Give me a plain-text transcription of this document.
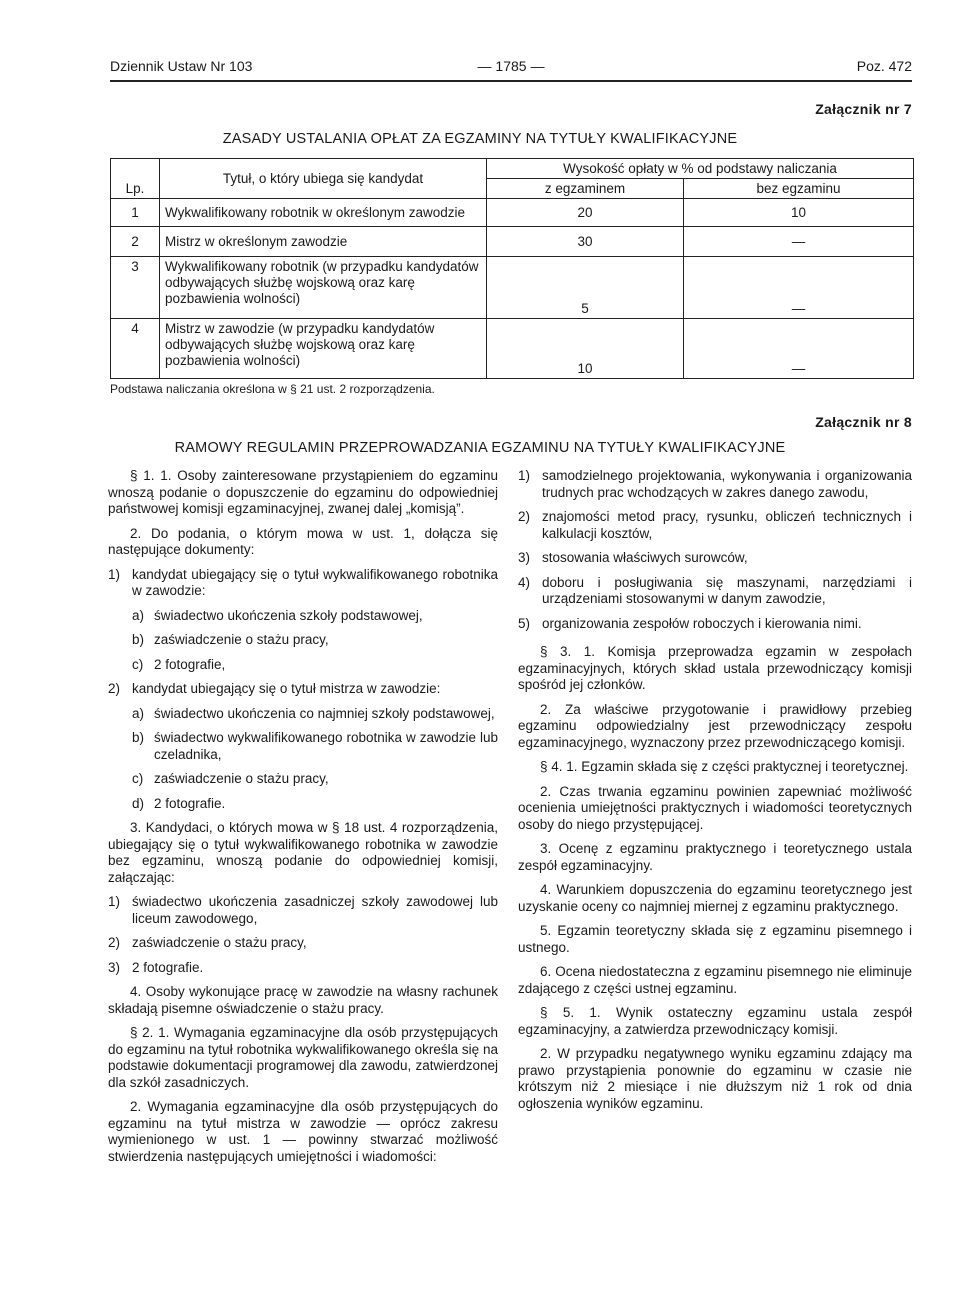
Dziennik Ustaw Nr 103	— 1785 —	Poz. 472
Załącznik nr 7
ZASADY USTALANIA OPŁAT ZA EGZAMINY NA TYTUŁY KWALIFIKACYJNE
Lp.	Tytuł, o który ubiega się kandydat	Wysokość opłaty w % od podstawy naliczania	
		z egzaminem	bez egzaminu
1	Wykwalifikowany robotnik w określonym zawodzie	20	10
2	Mistrz w określonym zawodzie	30	—
3	Wykwalifikowany robotnik (w przypadku kandydatów odbywających służbę wojskową oraz karę pozbawienia wolności)	5	—
4	Mistrz w zawodzie (w przypadku kandydatów odbywających służbę wojskową oraz karę pozbawienia wolności)	10	—
Podstawa naliczania określona w § 21 ust. 2 rozporządzenia.
Załącznik nr 8
RAMOWY REGULAMIN PRZEPROWADZANIA EGZAMINU NA TYTUŁY KWALIFIKACYJNE

§ 1. 1. Osoby zainteresowane przystąpieniem do egzaminu wnoszą podanie o dopuszczenie do egzaminu do odpowiedniej państwowej komisji egzaminacyjnej, zwanej dalej „komisją”.

2. Do podania, o którym mowa w ust. 1, dołącza się następujące dokumenty:

1) kandydat ubiegający się o tytuł wykwalifikowanego robotnika w zawodzie:
a) świadectwo ukończenia szkoły podstawowej,
b) zaświadczenie o stażu pracy,
c) 2 fotografie,
2) kandydat ubiegający się o tytuł mistrza w zawodzie:
a) świadectwo ukończenia co najmniej szkoły podstawowej,
b) świadectwo wykwalifikowanego robotnika w zawodzie lub czeladnika,
c) zaświadczenie o stażu pracy,
d) 2 fotografie.

3. Kandydaci, o których mowa w § 18 ust. 4 rozporządzenia, ubiegający się o tytuł wykwalifikowanego robotnika w zawodzie bez egzaminu, wnoszą podanie do odpowiedniej komisji, załączając:

1) świadectwo ukończenia zasadniczej szkoły zawodowej lub liceum zawodowego,
2) zaświadczenie o stażu pracy,
3) 2 fotografie.

4. Osoby wykonujące pracę w zawodzie na własny rachunek składają pisemne oświadczenie o stażu pracy.

§ 2. 1. Wymagania egzaminacyjne dla osób przystępujących do egzaminu na tytuł robotnika wykwalifikowanego określa się na podstawie dokumentacji programowej dla zawodu, zatwierdzonej dla szkół zasadniczych.

2. Wymagania egzaminacyjne dla osób przystępujących do egzaminu na tytuł mistrza w zawodzie — oprócz zakresu wymienionego w ust. 1 — powinny stwarzać możliwość stwierdzenia następujących umiejętności i wiadomości:

1) samodzielnego projektowania, wykonywania i organizowania trudnych prac wchodzących w zakres danego zawodu,
2) znajomości metod pracy, rysunku, obliczeń technicznych i kalkulacji kosztów,
3) stosowania właściwych surowców,
4) doboru i posługiwania się maszynami, narzędziami i urządzeniami stosowanymi w danym zawodzie,
5) organizowania zespołów roboczych i kierowania nimi.

§ 3. 1. Komisja przeprowadza egzamin w zespołach egzaminacyjnych, których skład ustala przewodniczący komisji spośród jej członków.

2. Za właściwe przygotowanie i prawidłowy przebieg egzaminu odpowiedzialny jest przewodniczący zespołu egzaminacyjnego, wyznaczony przez przewodniczącego komisji.

§ 4. 1. Egzamin składa się z części praktycznej i teoretycznej.

2. Czas trwania egzaminu powinien zapewniać możliwość ocenienia umiejętności praktycznych i wiadomości teoretycznych osoby do niego przystępującej.

3. Ocenę z egzaminu praktycznego i teoretycznego ustala zespół egzaminacyjny.

4. Warunkiem dopuszczenia do egzaminu teoretycznego jest uzyskanie oceny co najmniej miernej z egzaminu praktycznego.

5. Egzamin teoretyczny składa się z egzaminu pisemnego i ustnego.

6. Ocena niedostateczna z egzaminu pisemnego nie eliminuje zdającego z części ustnej egzaminu.

§ 5. 1. Wynik ostateczny egzaminu ustala zespół egzaminacyjny, a zatwierdza przewodniczący komisji.

2. W przypadku negatywnego wyniku egzaminu zdający ma prawo przystąpienia ponownie do egzaminu w czasie nie krótszym niż 2 miesiące i nie dłuższym niż 1 rok od dnia ogłoszenia wyników egzaminu.
